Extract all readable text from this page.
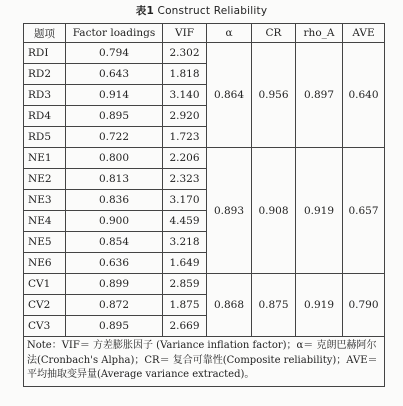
表1 Construct Reliability
题项	Factor loadings	VIF	α	CR	rho_A	AVE
RDI	0.794	2.302	0.864	0.956	0.897	0.640
RD2	0.643	1.818				
RD3	0.914	3.140				
RD4	0.895	2.920				
RD5	0.722	1.723				
NE1	0.800	2.206	0.893	0.908	0.919	0.657
NE2	0.813	2.323				
NE3	0.836	3.170				
NE4	0.900	4.459				
NE5	0.854	3.218				
NE6	0.636	1.649				
CV1	0.899	2.859	0.868	0.875	0.919	0.790
CV2	0.872	1.875				
CV3	0.895	2.669				
Note：VIF＝ 方差膨胀因子 (Variance inflation factor)；α＝ 克朗巴赫阿尔法(Cronbach's Alpha)；CR＝ 复合可靠性(Composite reliability)；AVE＝ 平均抽取变异量(Average variance extracted)。						
